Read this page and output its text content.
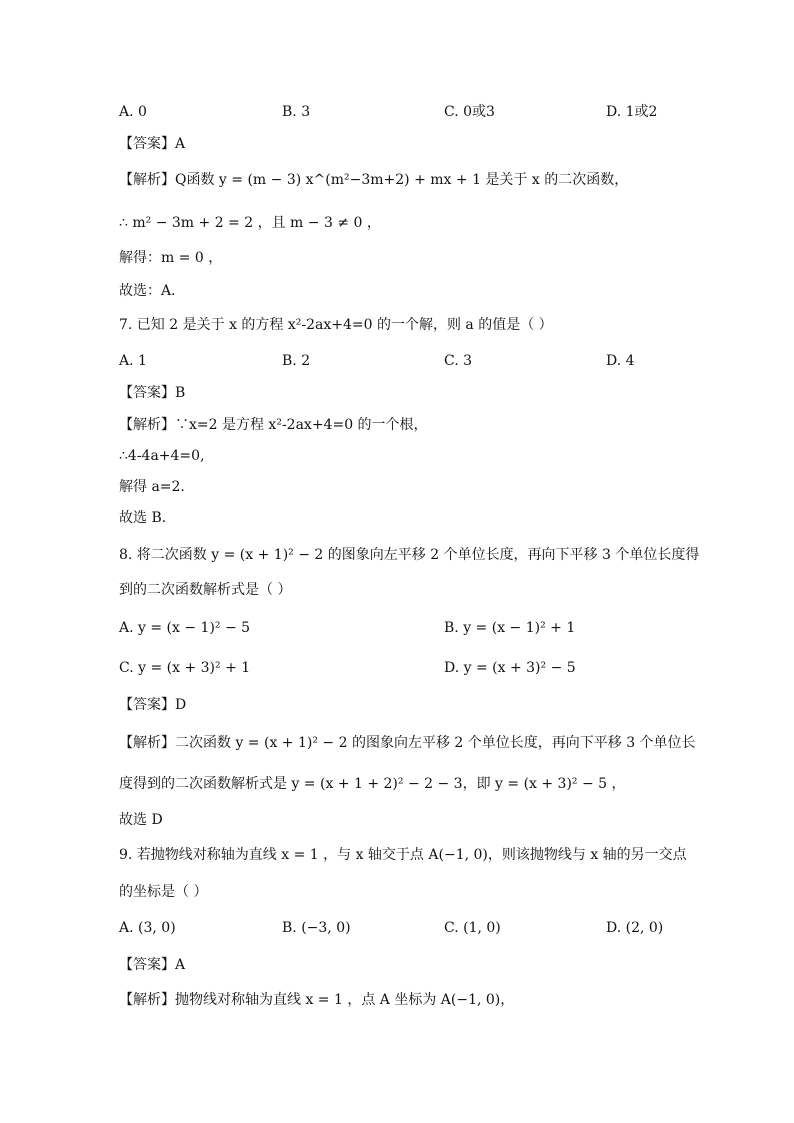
A. 0	B. 3	C. 0或3	D. 1或2
【答案】A
【解析】Q函数 y = (m − 3) x^(m²−3m+2) + mx + 1 是关于 x 的二次函数，
∴ m² − 3m + 2 = 2 ，且 m − 3 ≠ 0 ，
解得：m = 0 ，
故选：A．
7. 已知 2 是关于 x 的方程 x²-2ax+4=0 的一个解，则 a 的值是（ ）
A. 1	B. 2	C. 3	D. 4
【答案】B
【解析】∵x=2 是方程 x²-2ax+4=0 的一个根，
∴4-4a+4=0,
解得 a=2.
故选 B．
8. 将二次函数 y = (x + 1)² − 2 的图象向左平移 2 个单位长度，再向下平移 3 个单位长度得
到的二次函数解析式是（ ）
A. y = (x − 1)² − 5	B. y = (x − 1)² + 1
C. y = (x + 3)² + 1	D. y = (x + 3)² − 5
【答案】D
【解析】二次函数 y = (x + 1)² − 2 的图象向左平移 2 个单位长度，再向下平移 3 个单位长
度得到的二次函数解析式是 y = (x + 1 + 2)² − 2 − 3，即 y = (x + 3)² − 5 ，
故选 D
9. 若抛物线对称轴为直线 x = 1 ，与 x 轴交于点 A(−1, 0)，则该抛物线与 x 轴的另一交点
的坐标是（ ）
A. (3, 0)	B. (−3, 0)	C. (1, 0)	D. (2, 0)
【答案】A
【解析】抛物线对称轴为直线 x = 1 ，点 A 坐标为 A(−1, 0)，
